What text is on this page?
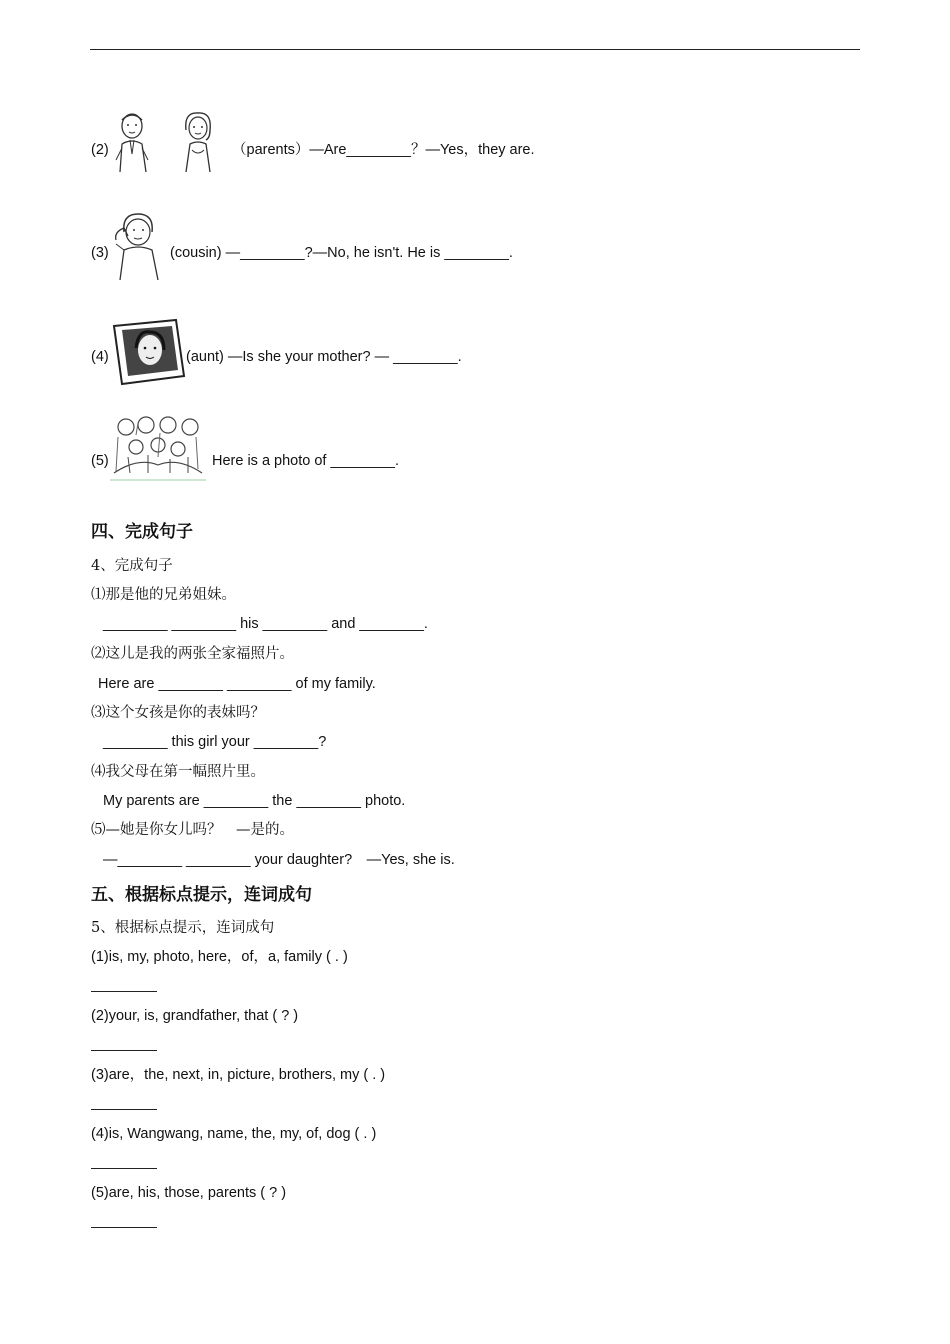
(2)	（parents）—Are________？—Yes，they are.
(3)	(cousin) —________?—No, he isn't. He is ________.
(4)	(aunt) —Is she your mother? — ________.
(5)	Here is a photo of ________.
四、完成句子
4、完成句子
⑴那是他的兄弟姐妹。
________ ________ his ________ and ________.
⑵这儿是我的两张全家福照片。
Here are ________ ________ of my family.
⑶这个女孩是你的表妹吗？
________ this girl your ________?
⑷我父母在第一幅照片里。
My parents are ________ the ________ photo.
⑸—她是你女儿吗？　—是的。
—________ ________ your daughter?　—Yes, she is.
五、根据标点提示，连词成句
5、根据标点提示，连词成句
(1)is, my, photo, here，of，a, family ( . )
(2)your, is, grandfather, that ( ? )
(3)are，the, next, in, picture, brothers, my ( . )
(4)is, Wangwang, name, the, my, of, dog ( . )
(5)are, his, those, parents ( ? )
